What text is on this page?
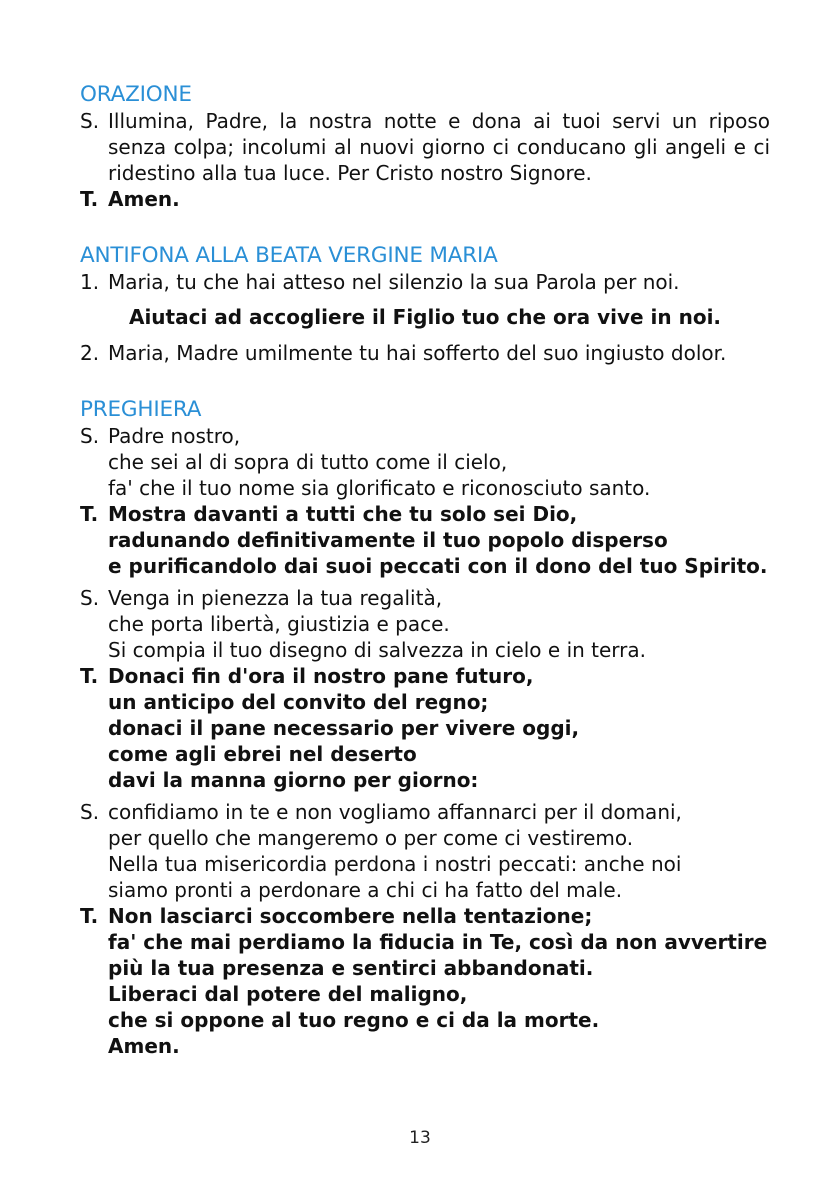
ORAZIONE
S. Illumina, Padre, la nostra notte e dona ai tuoi servi un riposo senza colpa; incolumi al nuovi giorno ci conducano gli angeli e ci ridestino alla tua luce. Per Cristo nostro Signore.
T. Amen.
ANTIFONA ALLA BEATA VERGINE MARIA
1. Maria, tu che hai atteso nel silenzio la sua Parola per noi.
Aiutaci ad accogliere il Figlio tuo che ora vive in noi.
2. Maria, Madre umilmente tu hai sofferto del suo ingiusto dolor.
PREGHIERA
S. Padre nostro,
che sei al di sopra di tutto come il cielo,
fa' che il tuo nome sia glorificato e riconosciuto santo.
T. Mostra davanti a tutti che tu solo sei Dio,
radunando definitivamente il tuo popolo disperso
e purificandolo dai suoi peccati con il dono del tuo Spirito.
S. Venga in pienezza la tua regalità,
che porta libertà, giustizia e pace.
Si compia il tuo disegno di salvezza in cielo e in terra.
T. Donaci fin d'ora il nostro pane futuro,
un anticipo del convito del regno;
donaci il pane necessario per vivere oggi,
come agli ebrei nel deserto
davi la manna giorno per giorno:
S. confidiamo in te e non vogliamo affannarci per il domani,
per quello che mangeremo o per come ci vestiremo.
Nella tua misericordia perdona i nostri peccati: anche noi
siamo pronti a perdonare a chi ci ha fatto del male.
T. Non lasciarci soccombere nella tentazione;
fa' che mai perdiamo la fiducia in Te, così da non avvertire
più la tua presenza e sentirci abbandonati.
Liberaci dal potere del maligno,
che si oppone al tuo regno e ci da la morte.
Amen.
13
